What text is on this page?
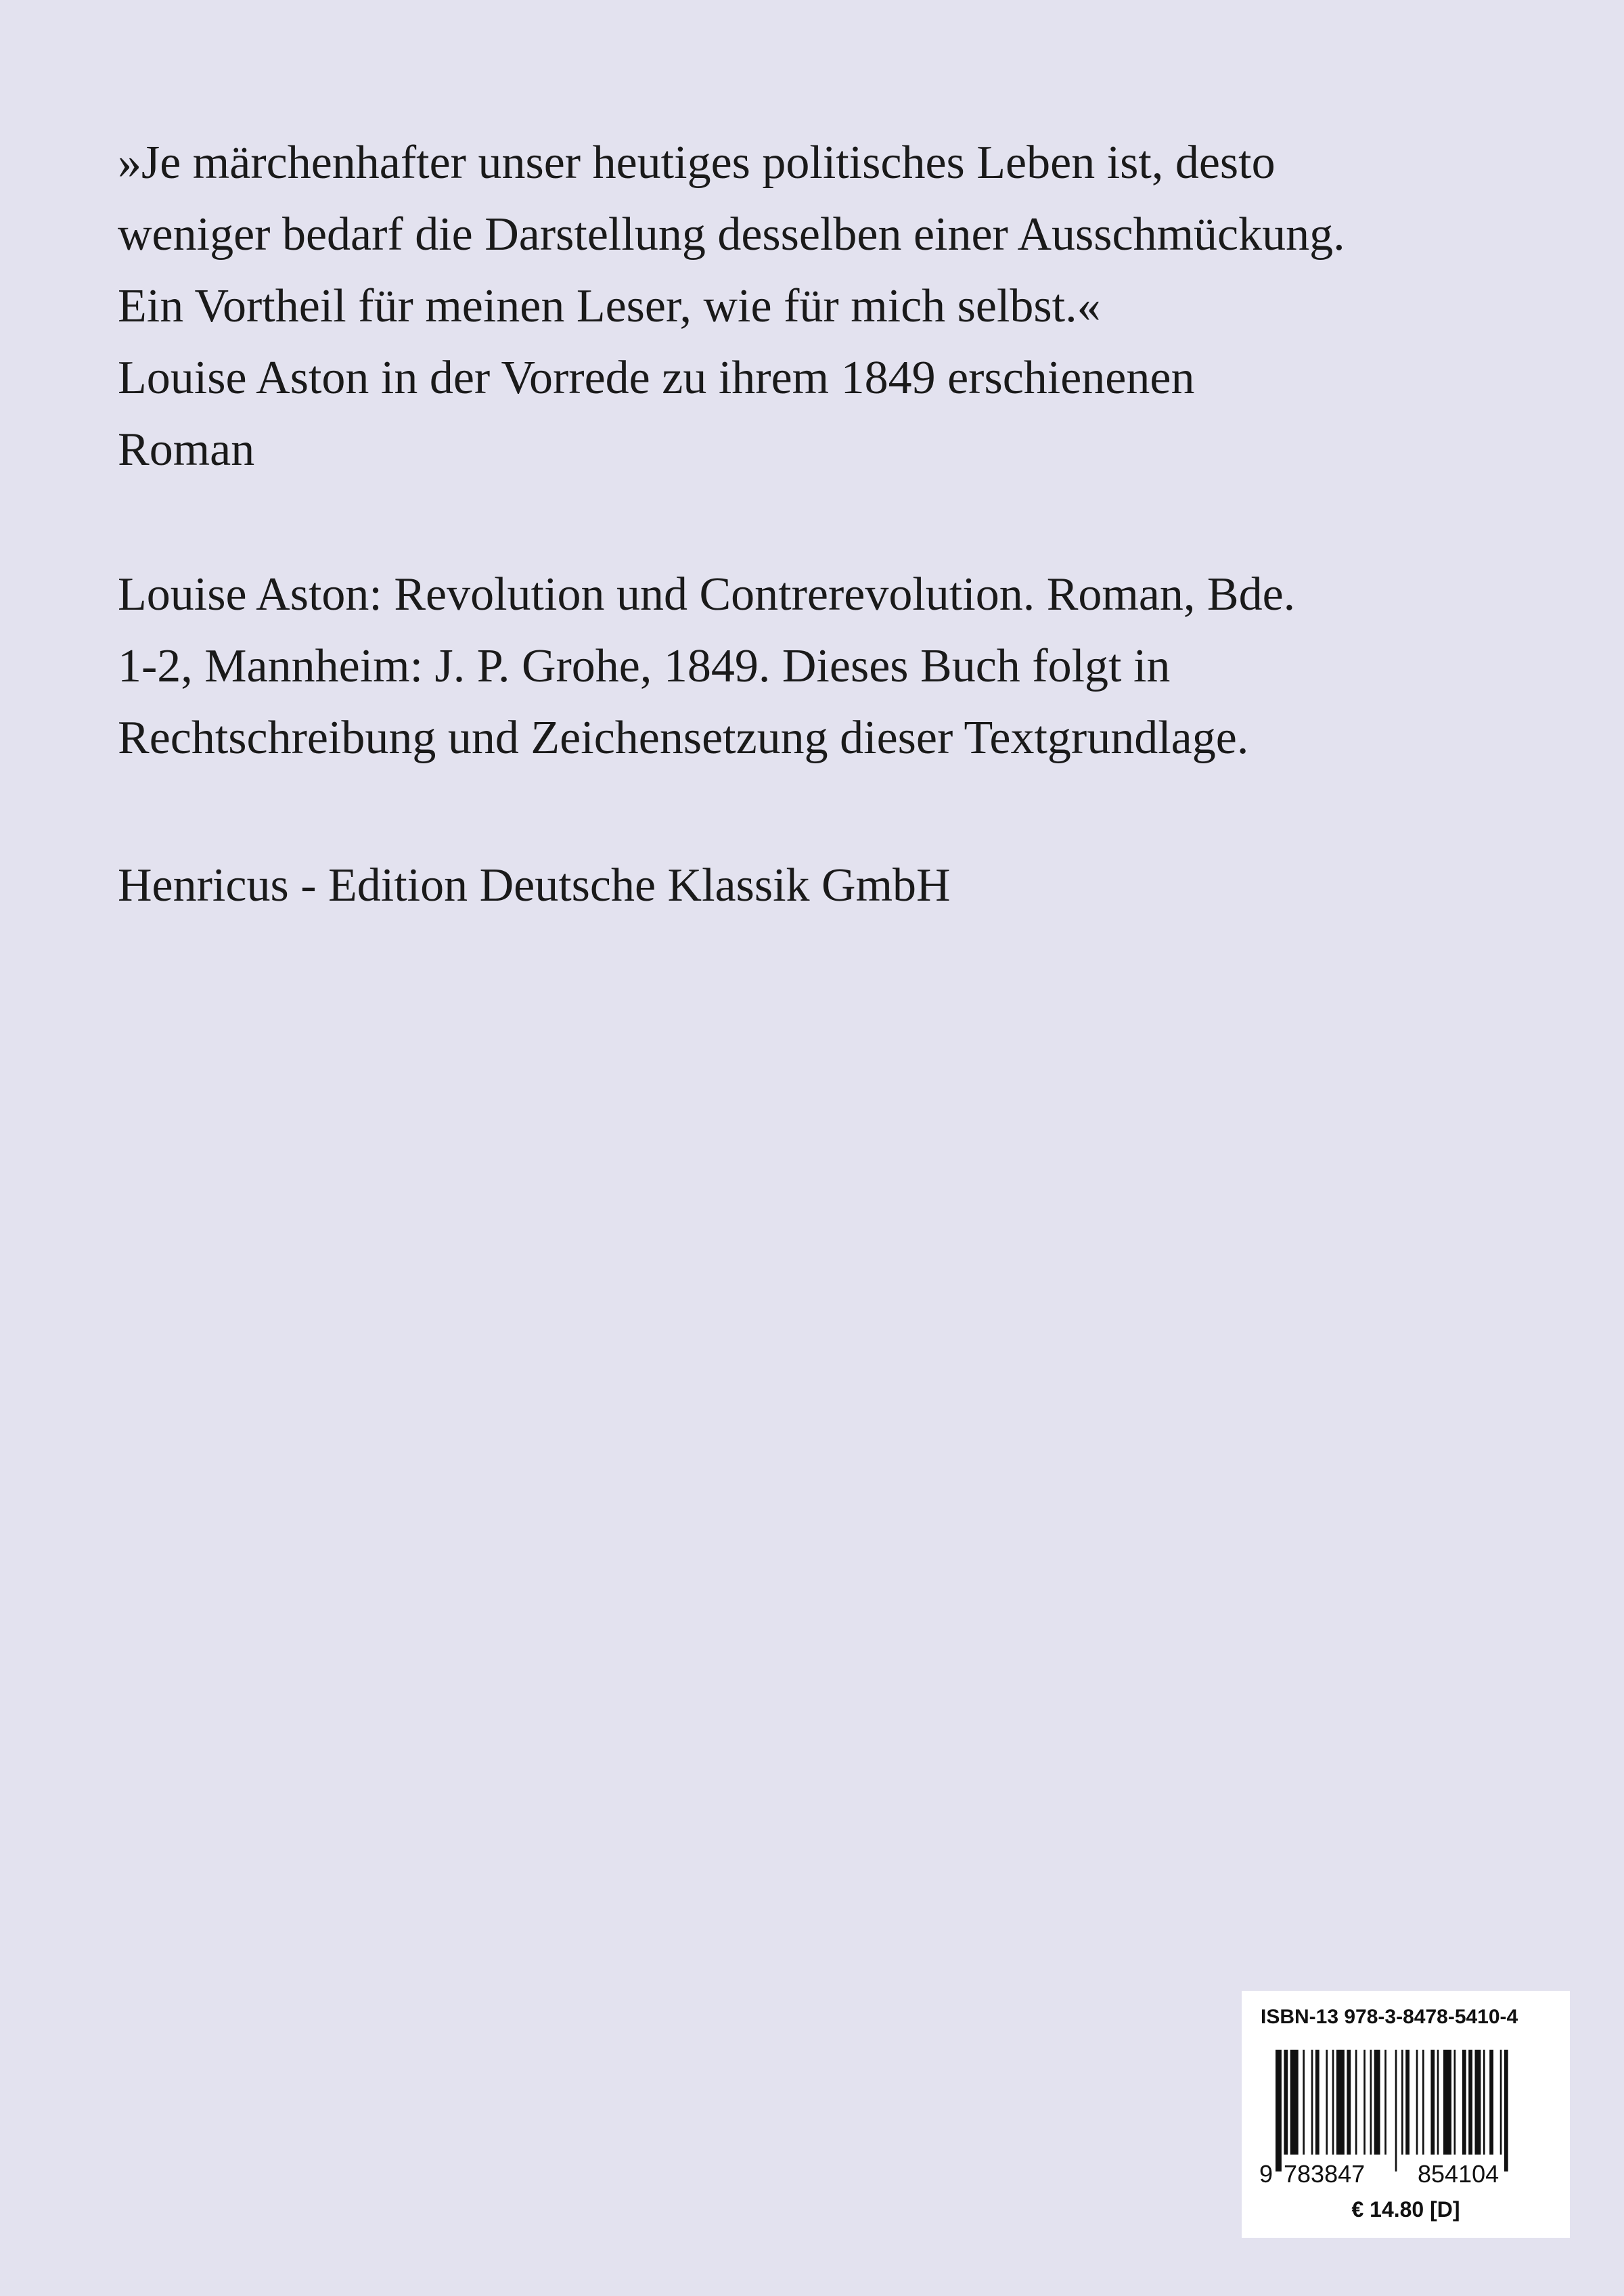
»Je märchenhafter unser heutiges politisches Leben ist, desto
weniger bedarf die Darstellung desselben einer Ausschmückung.
Ein Vortheil für meinen Leser, wie für mich selbst.«
Louise Aston in der Vorrede zu ihrem 1849 erschienenen
Roman
Louise Aston: Revolution und Contrerevolution. Roman, Bde.
1-2, Mannheim: J. P. Grohe, 1849. Dieses Buch folgt in
Rechtschreibung und Zeichensetzung dieser Textgrundlage.
Henricus - Edition Deutsche Klassik GmbH
ISBN-13 978-3-8478-5410-4
9 783847 854104
€ 14.80 [D]
